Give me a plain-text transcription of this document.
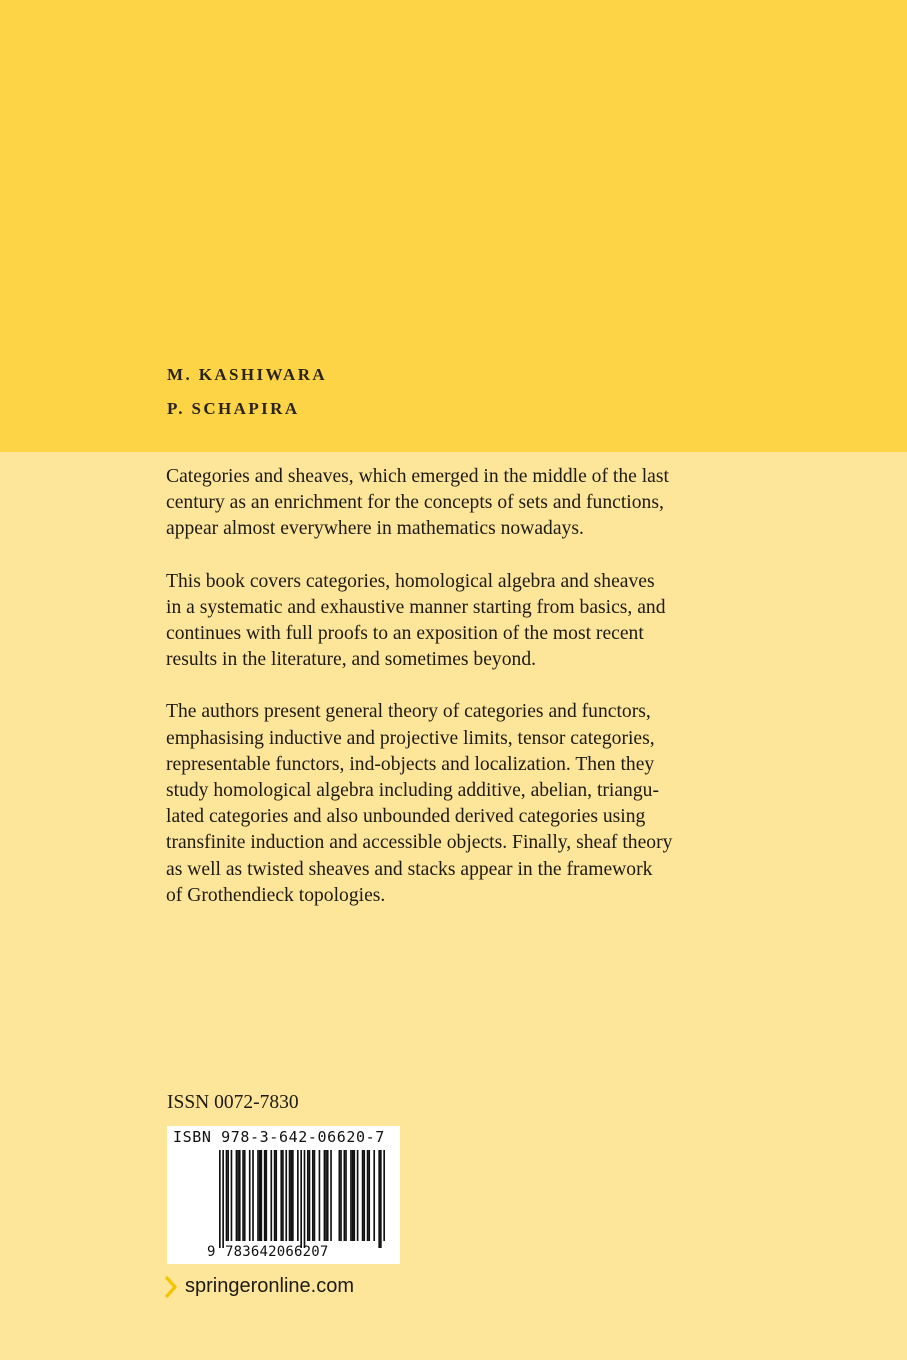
M. KASHIWARA
P. SCHAPIRA

Categories and sheaves, which emerged in the middle of the last
century as an enrichment for the concepts of sets and functions,
appear almost everywhere in mathematics nowadays.

This book covers categories, homological algebra and sheaves
in a systematic and exhaustive manner starting from basics, and
continues with full proofs to an exposition of the most recent
results in the literature, and sometimes beyond.

The authors present general theory of categories and functors,
emphasising inductive and projective limits, tensor categories,
representable functors, ind-objects and localization. Then they
study homological algebra including additive, abelian, triangu-
lated categories and also unbounded derived categories using
transfinite induction and accessible objects. Finally, sheaf theory
as well as twisted sheaves and stacks appear in the framework
of Grothendieck topologies.

ISSN 0072-7830
ISBN 978-3-642-06620-7
9 783642066207
springeronline.com
